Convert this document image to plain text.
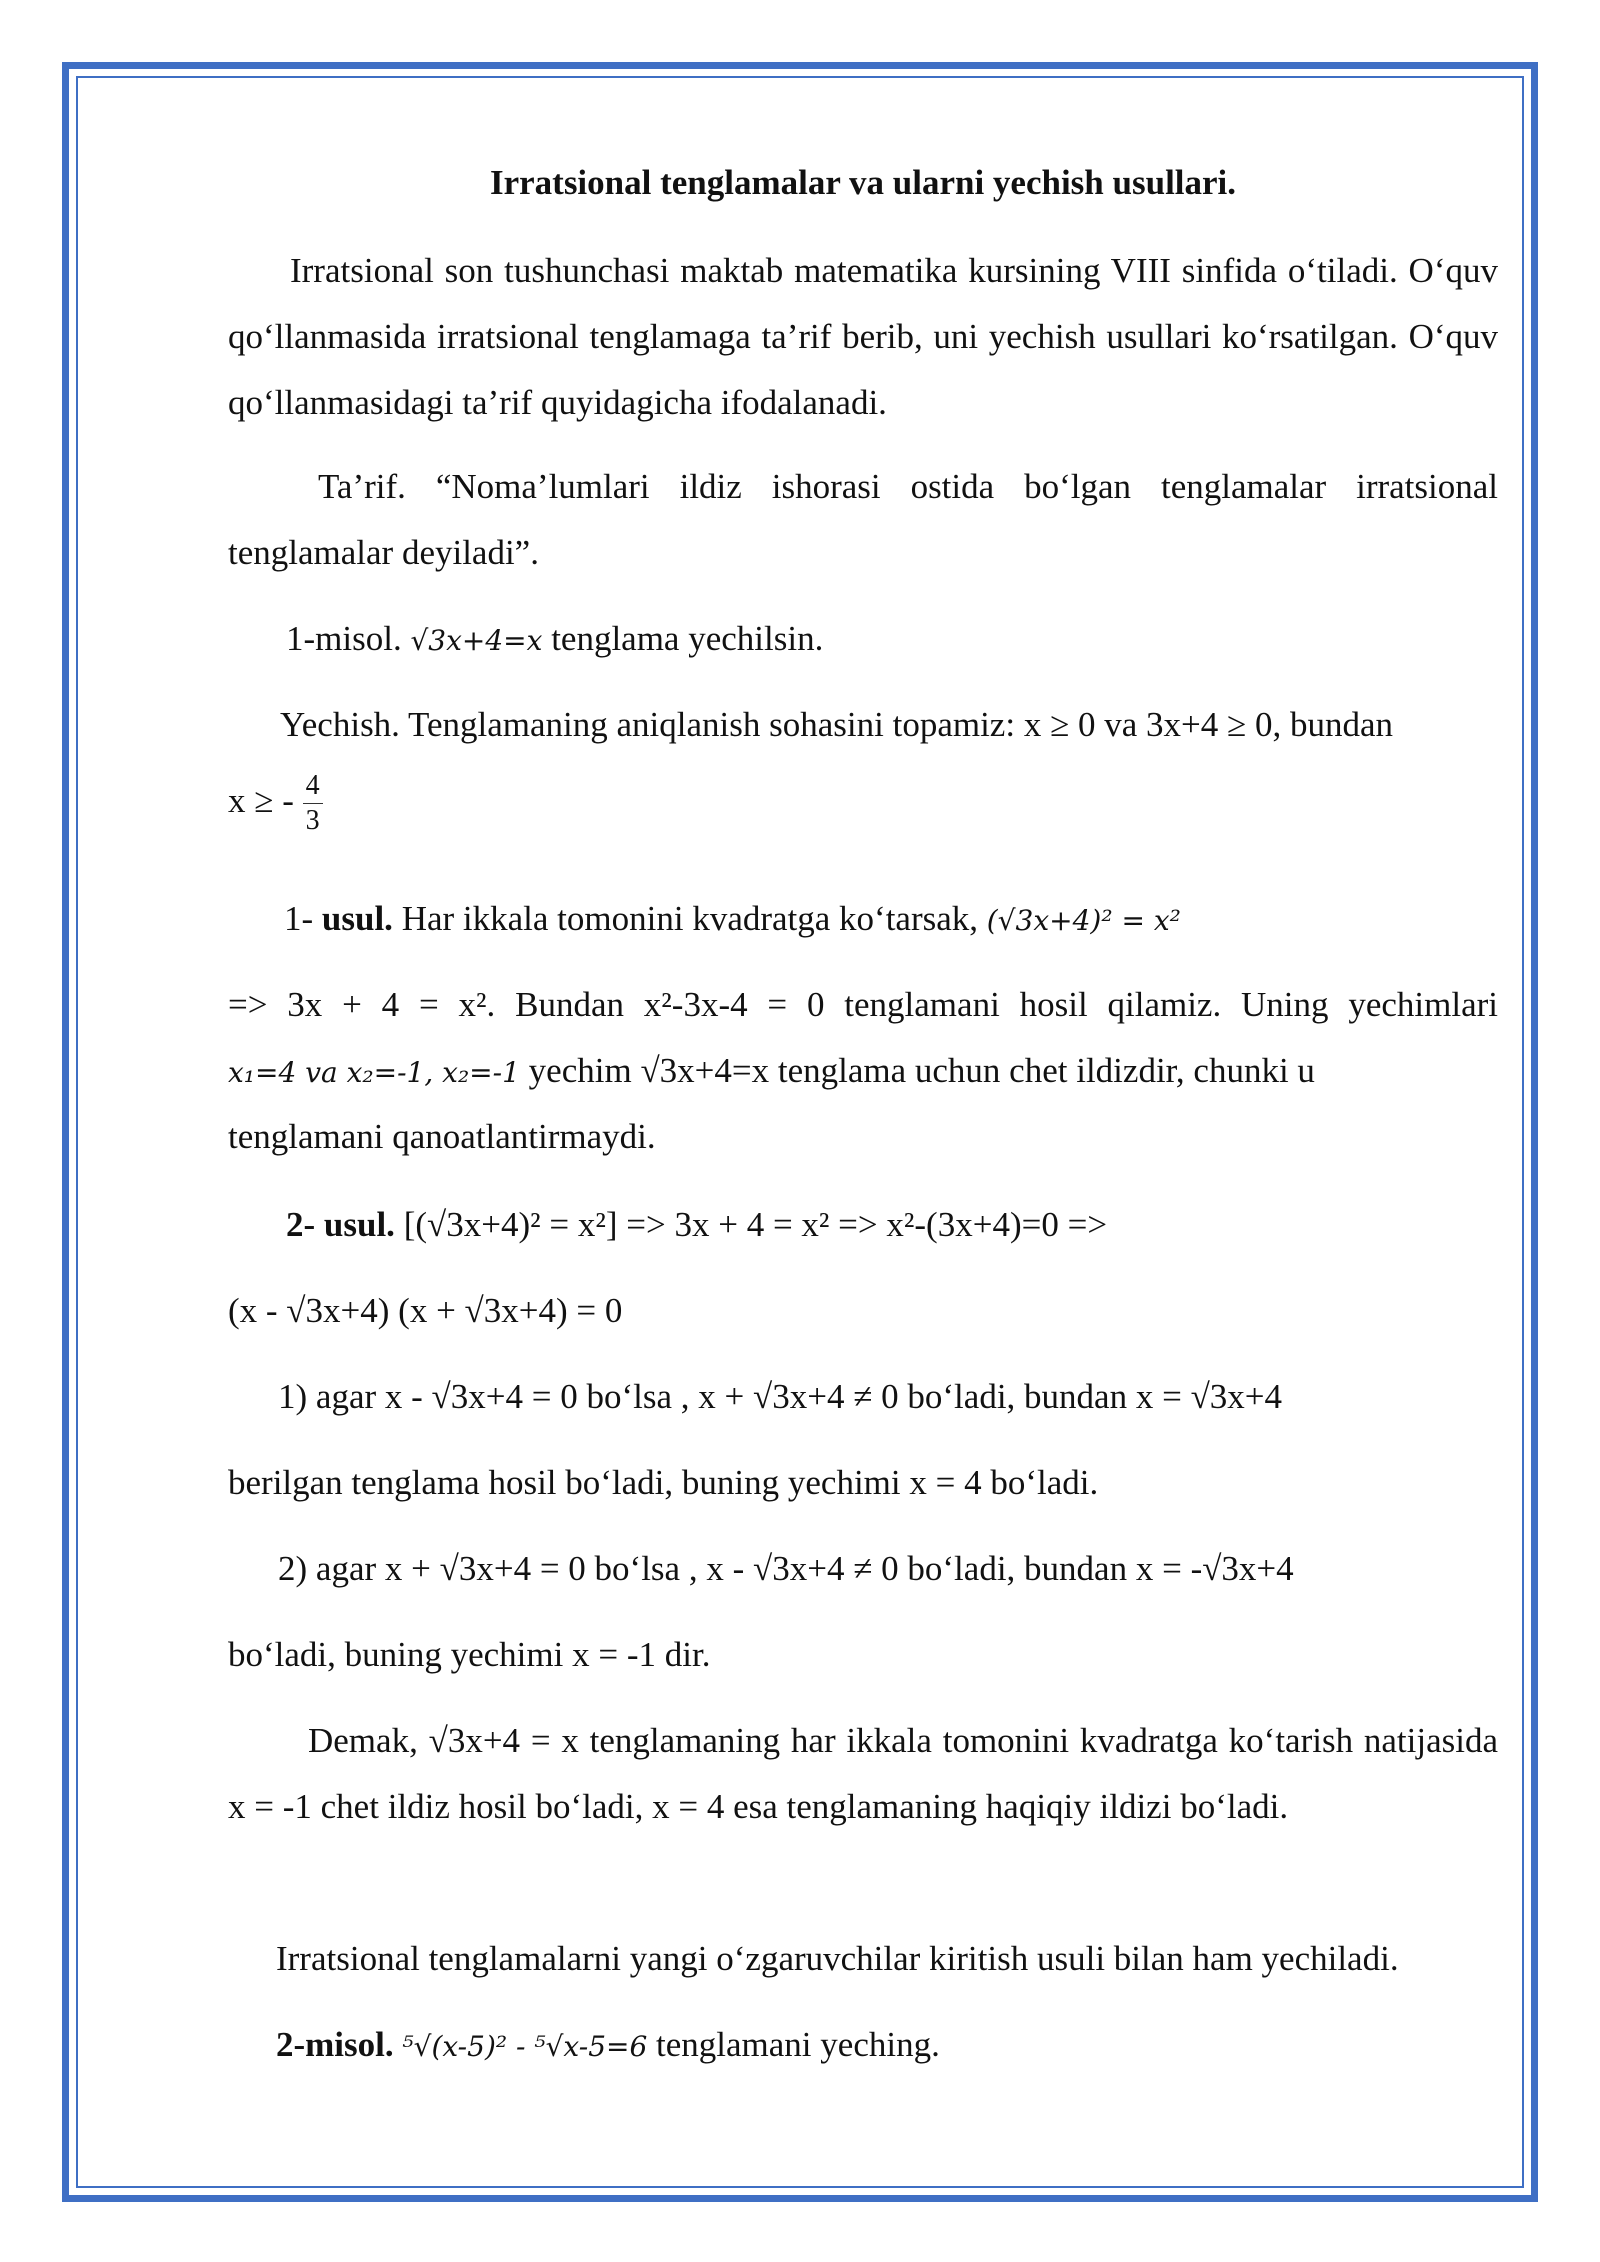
Irratsional tenglamalar va ularni yechish usullari.
Irratsional son tushunchasi maktab matematika kursining VIII sinfida o‘tiladi. O‘quv qo‘llanmasida irratsional tenglamaga ta’rif berib, uni yechish usullari ko‘rsatilgan. O‘quv qo‘llanmasidagi ta’rif quyidagicha ifodalanadi.
Ta’rif. “Noma’lumlari ildiz ishorasi ostida bo‘lgan tenglamalar irratsional tenglamalar deyiladi”.
1-misol. √3x+4=x tenglama yechilsin.
Yechish. Tenglamaning aniqlanish sohasini topamiz: x ≥ 0 va 3x+4 ≥ 0, bundan
x ≥ - $\frac{4}{3}$
1- usul. Har ikkala tomonini kvadratga ko‘tarsak, (√3x+4)² = x²
=> 3x + 4 = x². Bundan x²-3x-4 = 0 tenglamani hosil qilamiz. Uning yechimlari
x₁=4 va x₂=-1, x₂=-1 yechim √3x+4=x tenglama uchun chet ildizdir, chunki u
tenglamani qanoatlantirmaydi.
2- usul. [(√3x+4)² = x²] => 3x + 4 = x² => x²-(3x+4)=0 =>
(x - √3x+4) (x + √3x+4) = 0
1) agar x - √3x+4 = 0 bo‘lsa , x + √3x+4 ≠ 0 bo‘ladi, bundan x = √3x+4
berilgan tenglama hosil bo‘ladi, buning yechimi x = 4 bo‘ladi.
2) agar x + √3x+4 = 0 bo‘lsa , x - √3x+4 ≠ 0 bo‘ladi, bundan x = -√3x+4
bo‘ladi, buning yechimi x = -1 dir.
Demak, √3x+4 = x tenglamaning har ikkala tomonini kvadratga ko‘tarish natijasida x = -1 chet ildiz hosil bo‘ladi, x = 4 esa tenglamaning haqiqiy ildizi bo‘ladi.
Irratsional tenglamalarni yangi o‘zgaruvchilar kiritish usuli bilan ham yechiladi.
2-misol. ⁵√(x-5)² - ⁵√x-5=6 tenglamani yeching.
